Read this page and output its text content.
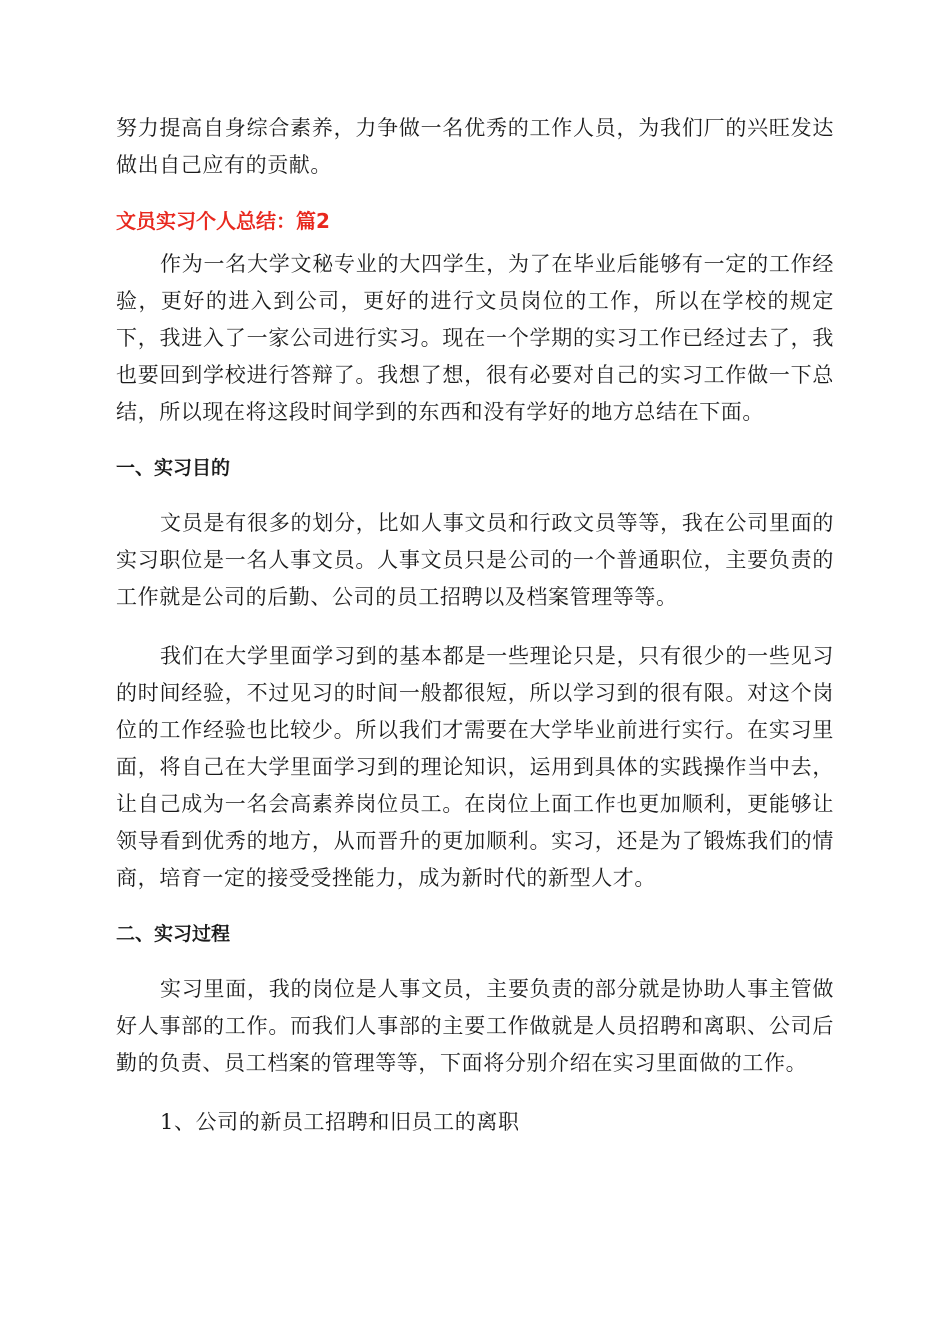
努力提高自身综合素养，力争做一名优秀的工作人员，为我们厂的兴旺发达做出自己应有的贡献。

文员实习个人总结：篇2

作为一名大学文秘专业的大四学生，为了在毕业后能够有一定的工作经验，更好的进入到公司，更好的进行文员岗位的工作，所以在学校的规定下，我进入了一家公司进行实习。现在一个学期的实习工作已经过去了，我也要回到学校进行答辩了。我想了想，很有必要对自己的实习工作做一下总结，所以现在将这段时间学到的东西和没有学好的地方总结在下面。

一、实习目的

文员是有很多的划分，比如人事文员和行政文员等等，我在公司里面的实习职位是一名人事文员。人事文员只是公司的一个普通职位，主要负责的工作就是公司的后勤、公司的员工招聘以及档案管理等等。

我们在大学里面学习到的基本都是一些理论只是，只有很少的一些见习的时间经验，不过见习的时间一般都很短，所以学习到的很有限。对这个岗位的工作经验也比较少。所以我们才需要在大学毕业前进行实行。在实习里面，将自己在大学里面学习到的理论知识，运用到具体的实践操作当中去，让自己成为一名会高素养岗位员工。在岗位上面工作也更加顺利，更能够让领导看到优秀的地方，从而晋升的更加顺利。实习，还是为了锻炼我们的情商，培育一定的接受受挫能力，成为新时代的新型人才。

二、实习过程

实习里面，我的岗位是人事文员，主要负责的部分就是协助人事主管做好人事部的工作。而我们人事部的主要工作做就是人员招聘和离职、公司后勤的负责、员工档案的管理等等，下面将分别介绍在实习里面做的工作。

1、公司的新员工招聘和旧员工的离职
